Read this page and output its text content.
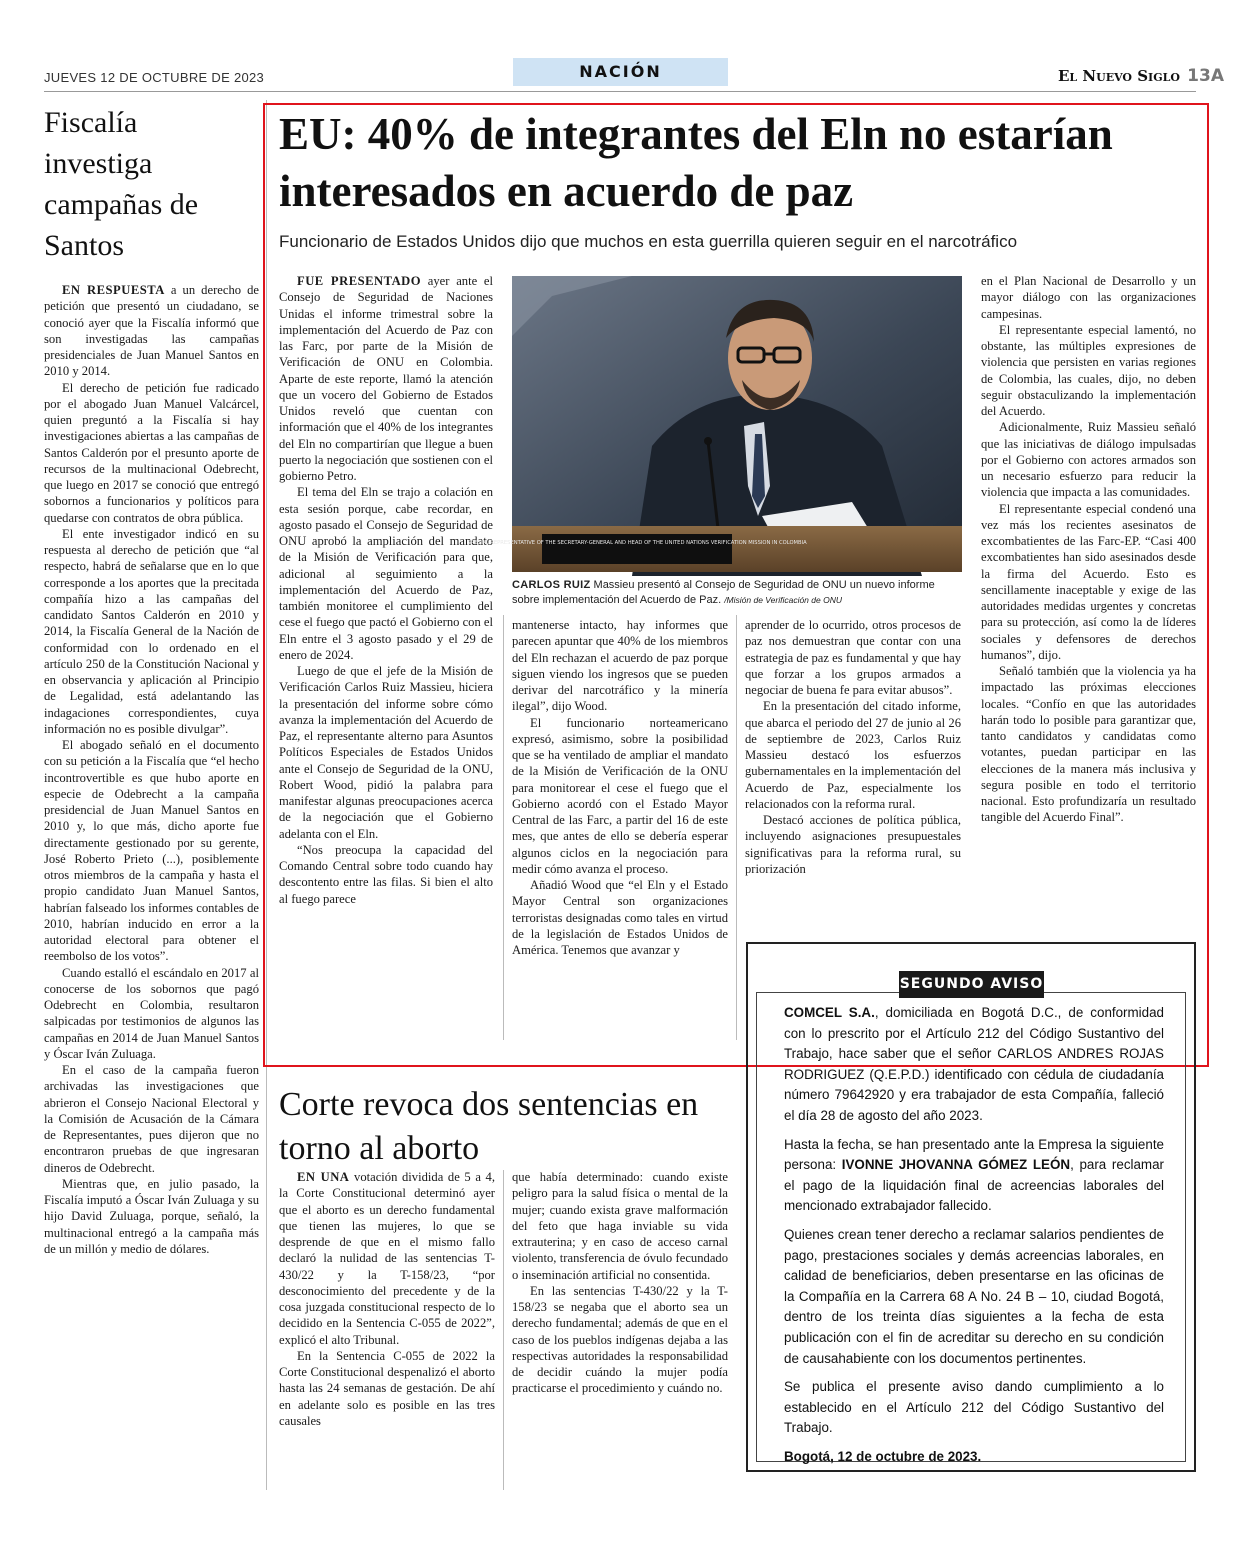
JUEVES 12 DE OCTUBRE DE 2023	NACIÓN	El Nuevo Siglo 13A
Fiscalía investiga campañas de Santos

EN RESPUESTA a un derecho de petición que presentó un ciudadano, se conoció ayer que la Fiscalía informó que son investigadas las campañas presidenciales de Juan Manuel Santos en 2010 y 2014.

El derecho de petición fue radicado por el abogado Juan Manuel Valcárcel, quien preguntó a la Fiscalía si hay investigaciones abiertas a las campañas de Santos Calderón por el presunto aporte de recursos de la multinacional Odebrecht, que luego en 2017 se conoció que entregó sobornos a funcionarios y políticos para quedarse con contratos de obra pública.

El ente investigador indicó en su respuesta al derecho de petición que “al respecto, habrá de señalarse que en lo que corresponde a los aportes que la precitada compañía hizo a las campañas del candidato Santos Calderón en 2010 y 2014, la Fiscalía General de la Nación de conformidad con lo ordenado en el artículo 250 de la Constitución Nacional y en observancia y aplicación al Principio de Legalidad, está adelantando las indagaciones correspondientes, cuya información no es posible divulgar”.

El abogado señaló en el documento con su petición a la Fiscalía que “el hecho incontrovertible es que hubo aporte en especie de Odebrecht a la campaña presidencial de Juan Manuel Santos en 2010 y, lo que más, dicho aporte fue directamente gestionado por su gerente, José Roberto Prieto (...), posiblemente otros miembros de la campaña y hasta el propio candidato Juan Manuel Santos, habrían falseado los informes contables de 2010, habrían inducido en error a la autoridad electoral para obtener el reembolso de los votos”.

Cuando estalló el escándalo en 2017 al conocerse de los sobornos que pagó Odebrecht en Colombia, resultaron salpicadas por testimonios de algunos las campañas en 2014 de Juan Manuel Santos y Óscar Iván Zuluaga.

En el caso de la campaña fueron archivadas las investigaciones que abrieron el Consejo Nacional Electoral y la Comisión de Acusación de la Cámara de Representantes, pues dijeron que no encontraron pruebas de que ingresaran dineros de Odebrecht.

Mientras que, en julio pasado, la Fiscalía imputó a Óscar Iván Zuluaga y su hijo David Zuluaga, porque, señaló, la multinacional entregó a la campaña más de un millón y medio de dólares.

EU: 40% de integrantes del Eln no estarían interesados en acuerdo de paz
Funcionario de Estados Unidos dijo que muchos en esta guerrilla quieren seguir en el narcotráfico

FUE PRESENTADO ayer ante el Consejo de Seguridad de Naciones Unidas el informe trimestral sobre la implementación del Acuerdo de Paz con las Farc, por parte de la Misión de Verificación de ONU en Colombia. Aparte de este reporte, llamó la atención que un vocero del Gobierno de Estados Unidos reveló que cuentan con información que el 40% de los integrantes del Eln no compartirían que llegue a buen puerto la negociación que sostienen con el gobierno Petro.

El tema del Eln se trajo a colación en esta sesión porque, cabe recordar, en agosto pasado el Consejo de Seguridad de ONU aprobó la ampliación del mandato de la Misión de Verificación para que, adicional al seguimiento a la implementación del Acuerdo de Paz, también monitoree el cumplimiento del cese el fuego que pactó el Gobierno con el Eln entre el 3 agosto pasado y el 29 de enero de 2024.

Luego de que el jefe de la Misión de Verificación Carlos Ruiz Massieu, hiciera la presentación del informe sobre cómo avanza la implementación del Acuerdo de Paz, el representante alterno para Asuntos Políticos Especiales de Estados Unidos ante el Consejo de Seguridad de la ONU, Robert Wood, pidió la palabra para manifestar algunas preocupaciones acerca de la negociación que el Gobierno adelanta con el Eln.

“Nos preocupa la capacidad del Comando Central sobre todo cuando hay descontento entre las filas. Si bien el alto al fuego parece

SPECIAL REPRESENTATIVE OF THE SECRETARY-GENERAL AND HEAD OF THE UNITED NATIONS VERIFICATION MISSION IN COLOMBIA
CARLOS RUIZ Massieu presentó al Consejo de Seguridad de ONU un nuevo informe sobre implementación del Acuerdo de Paz. /Misión de Verificación de ONU

mantenerse intacto, hay informes que parecen apuntar que 40% de los miembros del Eln rechazan el acuerdo de paz porque siguen viendo los ingresos que se pueden derivar del narcotráfico y la minería ilegal”, dijo Wood.

El funcionario norteamericano expresó, asimismo, sobre la posibilidad que se ha ventilado de ampliar el mandato de la Misión de Verificación de la ONU para monitorear el cese el fuego que el Gobierno acordó con el Estado Mayor Central de las Farc, a partir del 16 de este mes, que antes de ello se debería esperar algunos ciclos en la negociación para medir cómo avanza el proceso.

Añadió Wood que “el Eln y el Estado Mayor Central son organizaciones terroristas designadas como tales en virtud de la legislación de Estados Unidos de América. Tenemos que avanzar y

aprender de lo ocurrido, otros procesos de paz nos demuestran que contar con una estrategia de paz es fundamental y que hay que forzar a los grupos armados a negociar de buena fe para evitar abusos”.

En la presentación del citado informe, que abarca el periodo del 27 de junio al 26 de septiembre de 2023, Carlos Ruiz Massieu destacó los esfuerzos gubernamentales en la implementación del Acuerdo de Paz, especialmente los relacionados con la reforma rural.

Destacó acciones de política pública, incluyendo asignaciones presupuestales significativas para la reforma rural, su priorización

en el Plan Nacional de Desarrollo y un mayor diálogo con las organizaciones campesinas.

El representante especial lamentó, no obstante, las múltiples expresiones de violencia que persisten en varias regiones de Colombia, las cuales, dijo, no deben seguir obstaculizando la implementación del Acuerdo.

Adicionalmente, Ruiz Massieu señaló que las iniciativas de diálogo impulsadas por el Gobierno con actores armados son un necesario esfuerzo para reducir la violencia que impacta a las comunidades.

El representante especial condenó una vez más los recientes asesinatos de excombatientes de las Farc-EP. “Casi 400 excombatientes han sido asesinados desde la firma del Acuerdo. Esto es sencillamente inaceptable y exige de las autoridades medidas urgentes y concretas para su protección, así como la de líderes sociales y defensores de derechos humanos”, dijo.

Señaló también que la violencia ya ha impactado las próximas elecciones locales. “Confío en que las autoridades harán todo lo posible para garantizar que, tanto candidatos y candidatas como votantes, puedan participar en las elecciones de la manera más inclusiva y segura posible en todo el territorio nacional. Esto profundizaría un resultado tangible del Acuerdo Final”.

Corte revoca dos sentencias en torno al aborto

EN UNA votación dividida de 5 a 4, la Corte Constitucional determinó ayer que el aborto es un derecho fundamental que tienen las mujeres, lo que se desprende de que en el mismo fallo declaró la nulidad de las sentencias T-430/22 y la T-158/23, “por desconocimiento del precedente y de la cosa juzgada constitucional respecto de lo decidido en la Sentencia C-055 de 2022”, explicó el alto Tribunal.

En la Sentencia C-055 de 2022 la Corte Constitucional despenalizó el aborto hasta las 24 semanas de gestación. De ahí en adelante solo es posible en las tres causales

que había determinado: cuando existe peligro para la salud física o mental de la mujer; cuando exista grave malformación del feto que haga inviable su vida extrauterina; y en caso de acceso carnal violento, transferencia de óvulo fecundado o inseminación artificial no consentida.

En las sentencias T-430/22 y la T-158/23 se negaba que el aborto sea un derecho fundamental; además de que en el caso de los pueblos indígenas dejaba a las respectivas autoridades la responsabilidad de decidir cuándo la mujer podía practicarse el procedimiento y cuándo no.

SEGUNDO AVISO

COMCEL S.A., domiciliada en Bogotá D.C., de conformidad con lo prescrito por el Artículo 212 del Código Sustantivo del Trabajo, hace saber que el señor CARLOS ANDRES ROJAS RODRIGUEZ (Q.E.P.D.) identificado con cédula de ciudadanía número 79642920 y era trabajador de esta Compañía, falleció el día 28 de agosto del año 2023.

Hasta la fecha, se han presentado ante la Empresa la siguiente persona: IVONNE JHOVANNA GÓMEZ LEÓN, para reclamar el pago de la liquidación final de acreencias laborales del mencionado extrabajador fallecido.

Quienes crean tener derecho a reclamar salarios pendientes de pago, prestaciones sociales y demás acreencias laborales, en calidad de beneficiarios, deben presentarse en las oficinas de la Compañía en la Carrera 68 A No. 24 B – 10, ciudad Bogotá, dentro de los treinta días siguientes a la fecha de esta publicación con el fin de acreditar su derecho en su condición de causahabiente con los documentos pertinentes.

Se publica el presente aviso dando cumplimiento a lo establecido en el Artículo 212 del Código Sustantivo del Trabajo.

Bogotá, 12 de octubre de 2023.
